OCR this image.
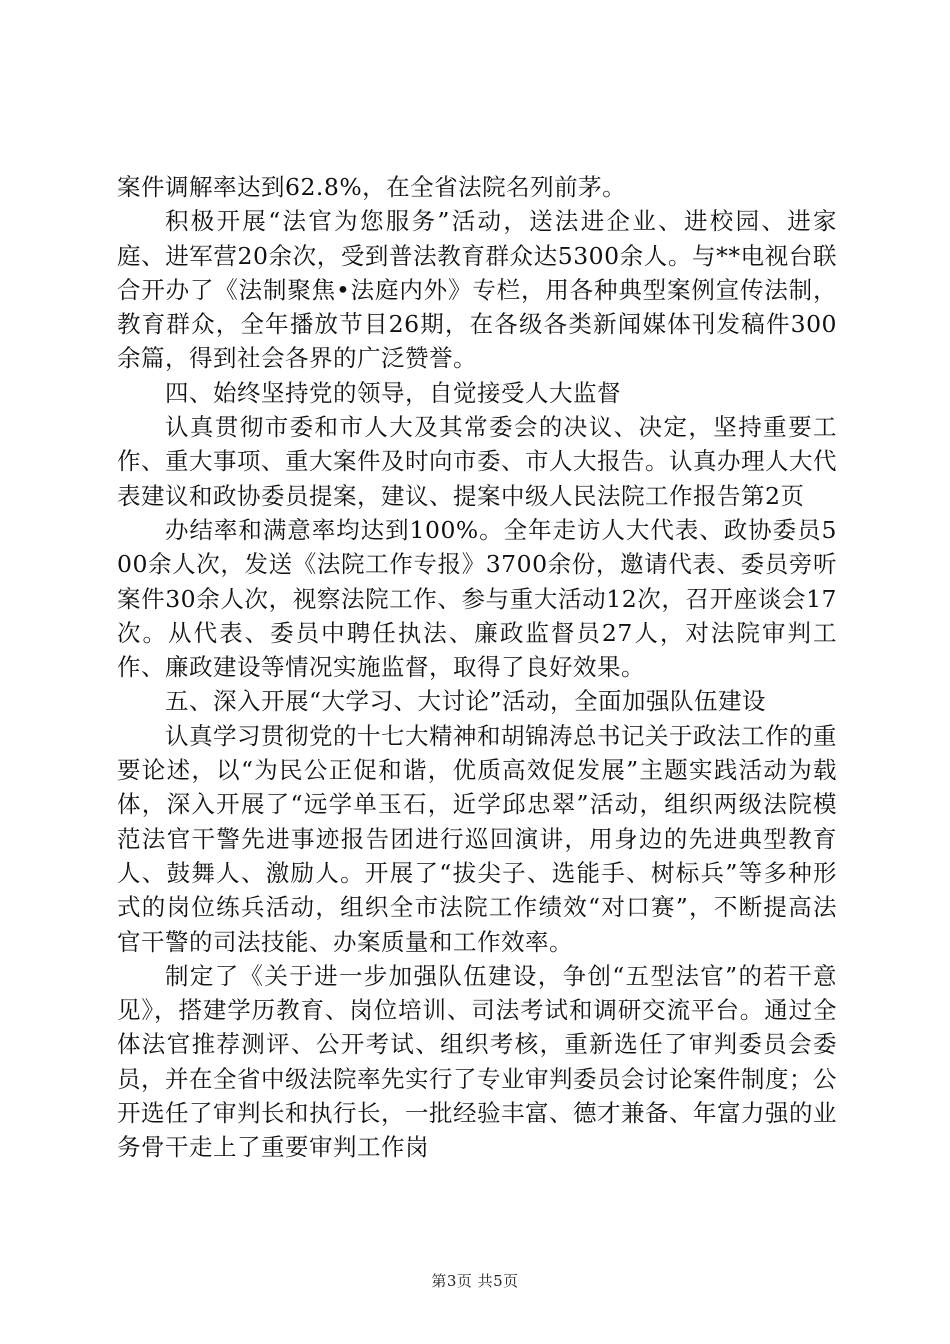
案件调解率达到62.8%，在全省法院名列前茅。

积极开展“法官为您服务”活动，送法进企业、进校园、进家庭、进军营20余次，受到普法教育群众达5300余人。与**电视台联合开办了《法制聚焦•法庭内外》专栏，用各种典型案例宣传法制，教育群众，全年播放节目26期，在各级各类新闻媒体刊发稿件300余篇，得到社会各界的广泛赞誉。

四、始终坚持党的领导，自觉接受人大监督

认真贯彻市委和市人大及其常委会的决议、决定，坚持重要工作、重大事项、重大案件及时向市委、市人大报告。认真办理人大代表建议和政协委员提案，建议、提案中级人民法院工作报告第2页

办结率和满意率均达到100%。全年走访人大代表、政协委员500余人次，发送《法院工作专报》3700余份，邀请代表、委员旁听案件30余人次，视察法院工作、参与重大活动12次，召开座谈会17次。从代表、委员中聘任执法、廉政监督员27人，对法院审判工作、廉政建设等情况实施监督，取得了良好效果。

五、深入开展“大学习、大讨论”活动，全面加强队伍建设

认真学习贯彻党的十七大精神和胡锦涛总书记关于政法工作的重要论述，以“为民公正促和谐，优质高效促发展”主题实践活动为载体，深入开展了“远学单玉石，近学邱忠翠”活动，组织两级法院模范法官干警先进事迹报告团进行巡回演讲，用身边的先进典型教育人、鼓舞人、激励人。开展了“拔尖子、选能手、树标兵”等多种形式的岗位练兵活动，组织全市法院工作绩效“对口赛”，不断提高法官干警的司法技能、办案质量和工作效率。

制定了《关于进一步加强队伍建设，争创“五型法官”的若干意见》，搭建学历教育、岗位培训、司法考试和调研交流平台。通过全体法官推荐测评、公开考试、组织考核，重新选任了审判委员会委员，并在全省中级法院率先实行了专业审判委员会讨论案件制度；公开选任了审判长和执行长，一批经验丰富、德才兼备、年富力强的业务骨干走上了重要审判工作岗

第3页 共5页
